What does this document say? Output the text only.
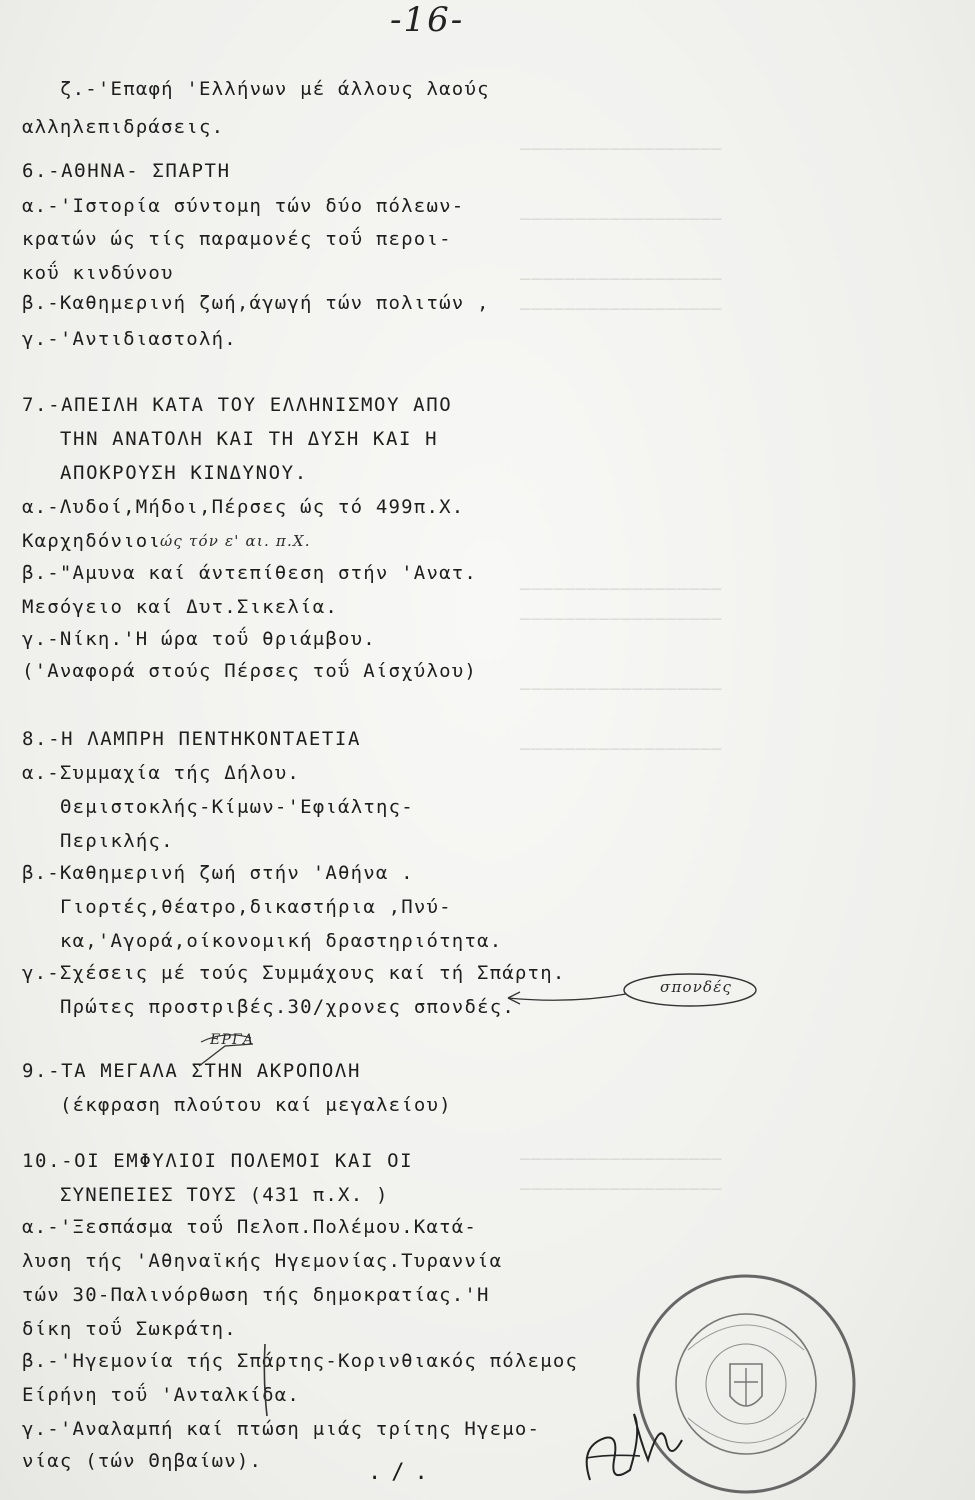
-16-
──────────────────
──────────────────
──────────────────
──────────────────
──────────────────
──────────────────
──────────────────
──────────────────
──────────────────
──────────────────
ζ.-'Επαφή 'Ελλήνων μέ άλλους λαούς
αλληλεπιδράσεις.
6.-ΑΘΗΝΑ- ΣΠΑΡΤΗ
α.-'Ιστορία σύντομη τών δύο πόλεων-
κρατών ώς τίς παραμονές τοΰ περοι-
κοΰ κινδύνου
β.-Καθημερινή ζωή,άγωγή τών πολιτών ,
γ.-'Αντιδιαστολή.
7.-ΑΠΕΙΛΗ ΚΑΤΑ ΤΟΥ ΕΛΛΗΝΙΣΜΟΥ ΑΠΟ
ΤΗΝ ΑΝΑΤΟΛΗ ΚΑΙ ΤΗ ΔΥΣΗ ΚΑΙ Η
ΑΠΟΚΡΟΥΣΗ ΚΙΝΔΥΝΟΥ.
α.-Λυδοί,Μήδοι,Πέρσες ώς τό 499π.Χ.
Καρχηδόνιοι
β.-"Αμυνα καί άντεπίθεση στήν 'Ανατ.
Μεσόγειο καί Δυτ.Σικελία.
γ.-Νίκη.'Η ώρα τοΰ θριάμβου.
('Αναφορά στούς Πέρσες τοΰ Αίσχύλου)
8.-Η ΛΑΜΠΡΗ ΠΕΝΤΗΚΟΝΤΑΕΤΙΑ
α.-Συμμαχία τής Δήλου.
Θεμιστοκλής-Κίμων-'Εφιάλτης-
Περικλής.
β.-Καθημερινή ζωή στήν 'Αθήνα .
Γιορτές,θέατρο,δικαστήρια ,Πνύ-
κα,'Αγορά,οίκονομική δραστηριότητα.
γ.-Σχέσεις μέ τούς Συμμάχους καί τή Σπάρτη.
Πρώτες προστριβές.30/χρονες σπονδές.
9.-ΤΑ ΜΕΓΑΛΑ ΣΤΗΝ ΑΚΡΟΠΟΛΗ
(έκφραση πλούτου καί μεγαλείου)
10.-ΟΙ ΕΜΦΥΛΙΟΙ ΠΟΛΕΜΟΙ ΚΑΙ ΟΙ
ΣΥΝΕΠΕΙΕΣ ΤΟΥΣ (431 π.Χ. )
α.-'Ξεσπάσμα τοΰ Πελοπ.Πολέμου.Κατά-
λυση τής 'Αθηναϊκής Ηγεμονίας.Τυραννία
τών 30-Παλινόρθωση τής δημοκρατίας.'Η
δίκη τοΰ Σωκράτη.
β.-'Ηγεμονία τής Σπάρτης-Κορινθιακός πόλεμος
Είρήνη τοΰ 'Ανταλκίδα.
γ.-'Αναλαμπή καί πτώση μιάς τρίτης Ηγεμο-
νίας (τών Θηβαίων).
ώς τόν ε' αι. π.Χ.
σπονδές
ΕΡΓΑ
./.
